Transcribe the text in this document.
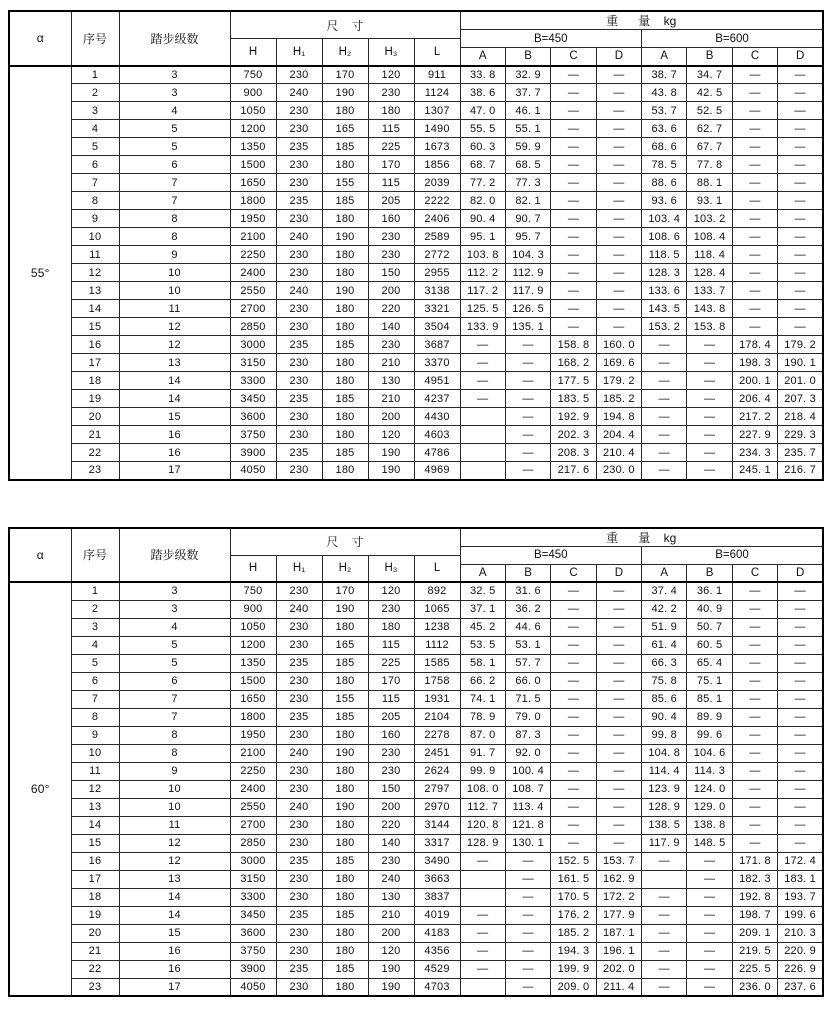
α	序号	踏步级数	尺    寸					重      量    kg							
								B=450				B=600			
			H	H₁	H₂	H₃	L								
								A	B	C	D	A	B	C	D
55°	1	3	750	230	170	120	911	33. 8	32. 9	—	—	38. 7	34. 7	—	—
	2	3	900	240	190	230	1124	38. 6	37. 7	—	—	43. 8	42. 5	—	—
	3	4	1050	230	180	180	1307	47. 0	46. 1	—	—	53. 7	52. 5	—	—
	4	5	1200	230	165	115	1490	55. 5	55. 1	—	—	63. 6	62. 7	—	—
	5	5	1350	235	185	225	1673	60. 3	59. 9	—	—	68. 6	67. 7	—	—
	6	6	1500	230	180	170	1856	68. 7	68. 5	—	—	78. 5	77. 8	—	—
	7	7	1650	230	155	115	2039	77. 2	77. 3	—	—	88. 6	88. 1	—	—
	8	7	1800	235	185	205	2222	82. 0	82. 1	—	—	93. 6	93. 1	—	—
	9	8	1950	230	180	160	2406	90. 4	90. 7	—	—	103. 4	103. 2	—	—
	10	8	2100	240	190	230	2589	95. 1	95. 7	—	—	108. 6	108. 4	—	—
	11	9	2250	230	180	230	2772	103. 8	104. 3	—	—	118. 5	118. 4	—	—
	12	10	2400	230	180	150	2955	112. 2	112. 9	—	—	128. 3	128. 4	—	—
	13	10	2550	240	190	200	3138	117. 2	117. 9	—	—	133. 6	133. 7	—	—
	14	11	2700	230	180	220	3321	125. 5	126. 5	—	—	143. 5	143. 8	—	—
	15	12	2850	230	180	140	3504	133. 9	135. 1	—	—	153. 2	153. 8	—	—
	16	12	3000	235	185	230	3687	—	—	158. 8	160. 0	—	—	178. 4	179. 2
	17	13	3150	230	180	210	3370	—	—	168. 2	169. 6	—	—	198. 3	190. 1
	18	14	3300	230	180	130	4951	—	—	177. 5	179. 2	—	—	200. 1	201. 0
	19	14	3450	235	185	210	4237	—	—	183. 5	185. 2	—	—	206. 4	207. 3
	20	15	3600	230	180	200	4430		—	192. 9	194. 8	—	—	217. 2	218. 4
	21	16	3750	230	180	120	4603		—	202. 3	204. 4	—	—	227. 9	229. 3
	22	16	3900	235	185	190	4786		—	208. 3	210. 4	—	—	234. 3	235. 7
	23	17	4050	230	180	190	4969		—	217. 6	230. 0	—	—	245. 1	216. 7
α	序号	踏步级数	尺    寸					重      量    kg							
								B=450				B=600			
			H	H₁	H₂	H₃	L								
								A	B	C	D	A	B	C	D
60°	1	3	750	230	170	120	892	32. 5	31. 6	—	—	37. 4	36. 1	—	—
	2	3	900	240	190	230	1065	37. 1	36. 2	—	—	42. 2	40. 9	—	—
	3	4	1050	230	180	180	1238	45. 2	44. 6	—	—	51. 9	50. 7	—	—
	4	5	1200	230	165	115	1112	53. 5	53. 1	—	—	61. 4	60. 5	—	—
	5	5	1350	235	185	225	1585	58. 1	57. 7	—	—	66. 3	65. 4	—	—
	6	6	1500	230	180	170	1758	66. 2	66. 0	—	—	75. 8	75. 1	—	—
	7	7	1650	230	155	115	1931	74. 1	71. 5	—	—	85. 6	85. 1	—	—
	8	7	1800	235	185	205	2104	78. 9	79. 0	—	—	90. 4	89. 9	—	—
	9	8	1950	230	180	160	2278	87. 0	87. 3	—	—	99. 8	99. 6	—	—
	10	8	2100	240	190	230	2451	91. 7	92. 0	—	—	104. 8	104. 6	—	—
	11	9	2250	230	180	230	2624	99. 9	100. 4	—	—	114. 4	114. 3	—	—
	12	10	2400	230	180	150	2797	108. 0	108. 7	—	—	123. 9	124. 0	—	—
	13	10	2550	240	190	200	2970	112. 7	113. 4	—	—	128. 9	129. 0	—	—
	14	11	2700	230	180	220	3144	120. 8	121. 8	—	—	138. 5	138. 8	—	—
	15	12	2850	230	180	140	3317	128. 9	130. 1	—	—	117. 9	148. 5	—	—
	16	12	3000	235	185	230	3490	—	—	152. 5	153. 7	—	—	171. 8	172. 4
	17	13	3150	230	180	240	3663		—	161. 5	162. 9		—	182. 3	183. 1
	18	14	3300	230	180	130	3837		—	170. 5	172. 2	—	—	192. 8	193. 7
	19	14	3450	235	185	210	4019	—	—	176. 2	177. 9	—	—	198. 7	199. 6
	20	15	3600	230	180	200	4183	—	—	185. 2	187. 1	—	—	209. 1	210. 3
	21	16	3750	230	180	120	4356	—	—	194. 3	196. 1	—	—	219. 5	220. 9
	22	16	3900	235	185	190	4529	—	—	199. 9	202. 0	—	—	225. 5	226. 9
	23	17	4050	230	180	190	4703		—	209. 0	211. 4	—	—	236. 0	237. 6
